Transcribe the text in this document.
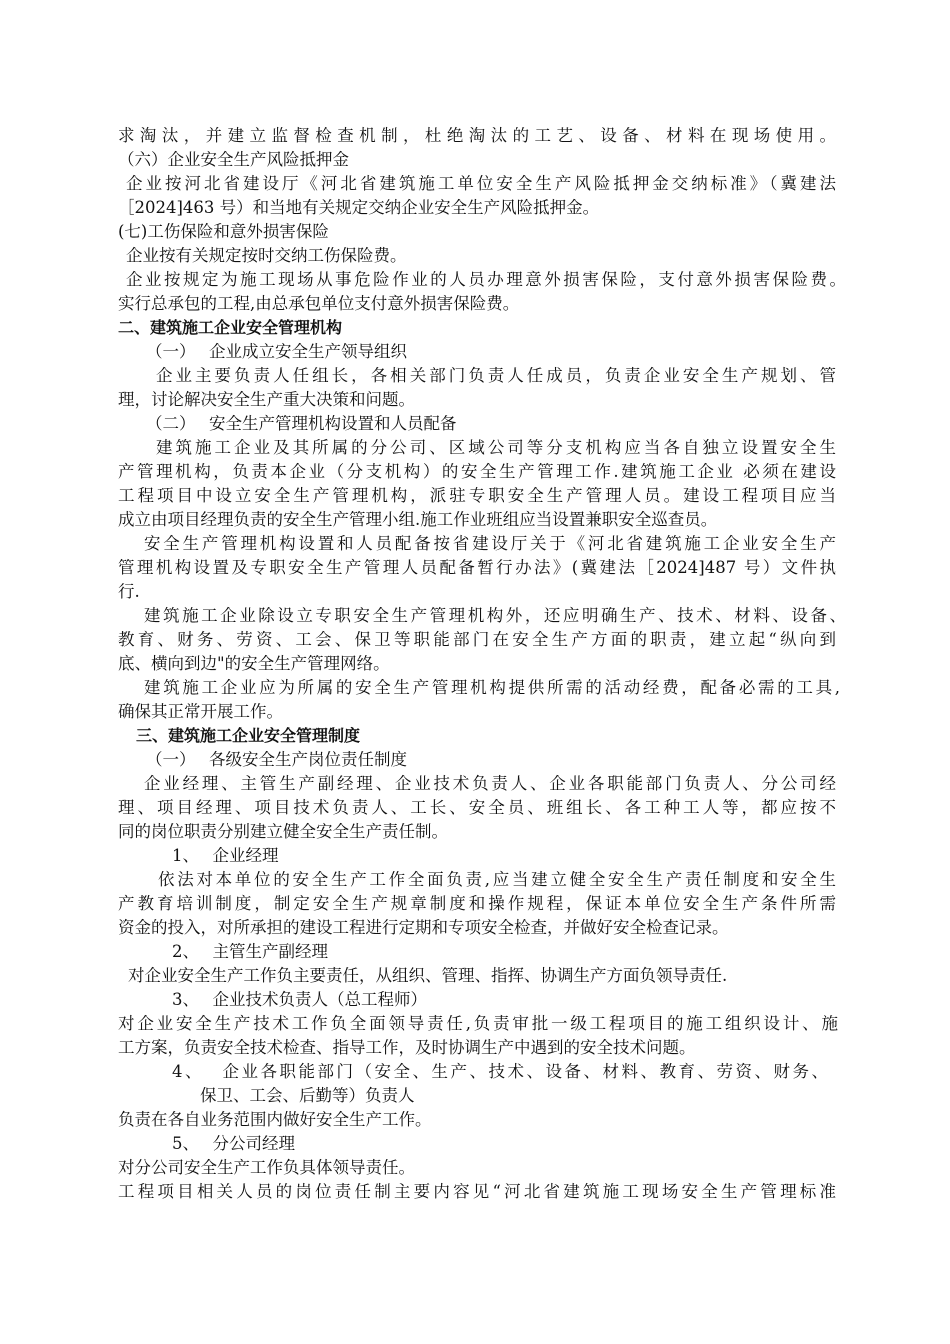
求淘汰，并建立监督检查机制，杜绝淘汰的工艺、设备、材料在现场使用。
（六）企业安全生产风险抵押金
企业按河北省建设厅《河北省建筑施工单位安全生产风险抵押金交纳标准》（冀建法
［2024]463 号）和当地有关规定交纳企业安全生产风险抵押金。
(七)工伤保险和意外损害保险
企业按有关规定按时交纳工伤保险费。
企业按规定为施工现场从事危险作业的人员办理意外损害保险，支付意外损害保险费。
实行总承包的工程,由总承包单位支付意外损害保险费。
二、建筑施工企业安全管理机构
（一）　 企业成立安全生产领导组织
企业主要负责人任组长，各相关部门负责人任成员，负责企业安全生产规划、管
理，讨论解决安全生产重大决策和问题。
（二）　 安全生产管理机构设置和人员配备
建筑施工企业及其所属的分公司、区域公司等分支机构应当各自独立设置安全生
产管理机构，负责本企业（分支机构）的安全生产管理工作.建筑施工企业 必须在建设
工程项目中设立安全生产管理机构，派驻专职安全生产管理人员。建设工程项目应当
成立由项目经理负责的安全生产管理小组.施工作业班组应当设置兼职安全巡查员。
安全生产管理机构设置和人员配备按省建设厅关于《河北省建筑施工企业安全生产
管理机构设置及专职安全生产管理人员配备暂行办法》(冀建法［2024]487 号）文件执
行.
建筑施工企业除设立专职安全生产管理机构外，还应明确生产、技术、材料、设备、
教育、财务、劳资、工会、保卫等职能部门在安全生产方面的职责，建立起“纵向到
底、横向到边"的安全生产管理网络。
建筑施工企业应为所属的安全生产管理机构提供所需的活动经费，配备必需的工具,
确保其正常开展工作。
三、建筑施工企业安全管理制度
（一）　 各级安全生产岗位责任制度
企业经理、主管生产副经理、企业技术负责人、企业各职能部门负责人、分公司经
理、项目经理、项目技术负责人、工长、安全员、班组长、各工种工人等，都应按不
同的岗位职责分别建立健全安全生产责任制。
1、　 企业经理
依法对本单位的安全生产工作全面负责,应当建立健全安全生产责任制度和安全生
产教育培训制度，制定安全生产规章制度和操作规程，保证本单位安全生产条件所需
资金的投入，对所承担的建设工程进行定期和专项安全检查，并做好安全检查记录。
2、　 主管生产副经理
对企业安全生产工作负主要责任，从组织、管理、指挥、协调生产方面负领导责任.
3、　 企业技术负责人（总工程师）
对企业安全生产技术工作负全面领导责任,负责审批一级工程项目的施工组织设计、施
工方案，负责安全技术检查、指导工作，及时协调生产中遇到的安全技术问题。
4、　 企业各职能部门（安全、生产、技术、设备、材料、教育、劳资、财务、
保卫、工会、后勤等）负责人
负责在各自业务范围内做好安全生产工作。
5、　 分公司经理
对分公司安全生产工作负具体领导责任。
工程项目相关人员的岗位责任制主要内容见“河北省建筑施工现场安全生产管理标准
